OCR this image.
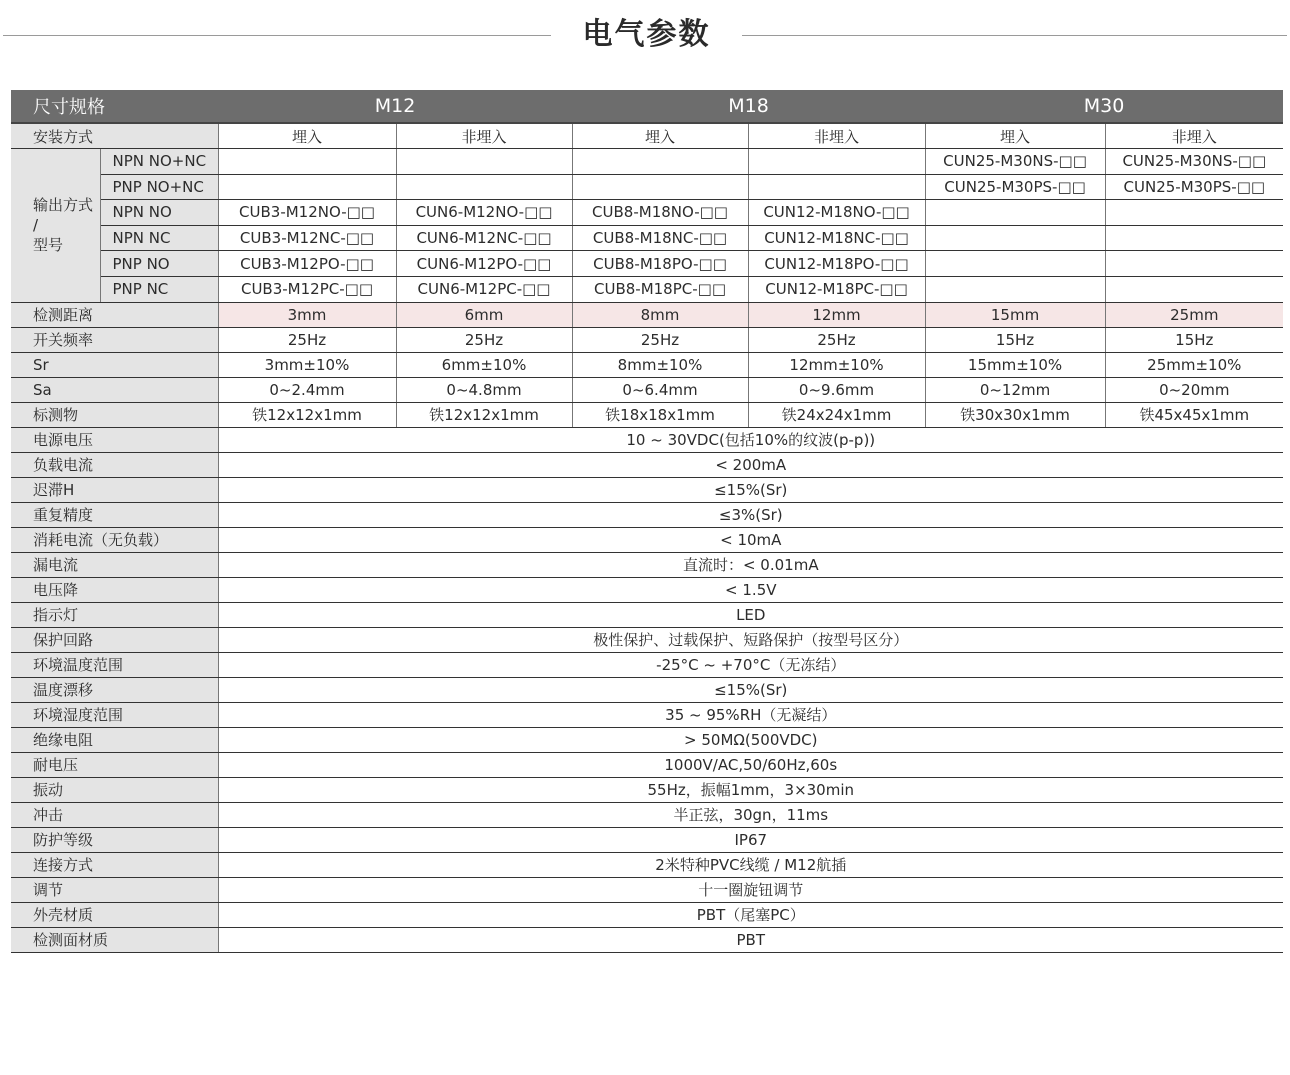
电气参数
尺寸规格		M12		M18		M30	
安装方式		埋入	非埋入	埋入	非埋入	埋入	非埋入

输出方式
/
型号	NPN NO+NC					CUN25-M30NS-□□	CUN25-M30NS-□□
	PNP NO+NC					CUN25-M30PS-□□	CUN25-M30PS-□□
	NPN NO	CUB3-M12NO-□□	CUN6-M12NO-□□	CUB8-M18NO-□□	CUN12-M18NO-□□		
	NPN NC	CUB3-M12NC-□□	CUN6-M12NC-□□	CUB8-M18NC-□□	CUN12-M18NC-□□		
	PNP NO	CUB3-M12PO-□□	CUN6-M12PO-□□	CUB8-M18PO-□□	CUN12-M18PO-□□		
	PNP NC	CUB3-M12PC-□□	CUN6-M12PC-□□	CUB8-M18PC-□□	CUN12-M18PC-□□		
检测距离		3mm	6mm	8mm	12mm	15mm	25mm
开关频率		25Hz	25Hz	25Hz	25Hz	15Hz	15Hz
Sr		3mm±10%	6mm±10%	8mm±10%	12mm±10%	15mm±10%	25mm±10%
Sa		0~2.4mm	0~4.8mm	0~6.4mm	0~9.6mm	0~12mm	0~20mm
标测物		铁12x12x1mm	铁12x12x1mm	铁18x18x1mm	铁24x24x1mm	铁30x30x1mm	铁45x45x1mm
电源电压		10 ~ 30VDC(包括10%的纹波(p-p))					
负载电流		< 200mA					
迟滞H		≤15%(Sr)					
重复精度		≤3%(Sr)					
消耗电流（无负载）		< 10mA					
漏电流		直流时：< 0.01mA					
电压降		< 1.5V					
指示灯		LED					
保护回路		极性保护、过载保护、短路保护（按型号区分）					
环境温度范围		-25°C ~ +70°C（无冻结）					
温度漂移		≤15%(Sr)					
环境湿度范围		35 ~ 95%RH（无凝结）					
绝缘电阻		> 50MΩ(500VDC)					
耐电压		1000V/AC,50/60Hz,60s					
振动		55Hz，振幅1mm，3×30min					
冲击		半正弦，30gn，11ms					
防护等级		IP67					
连接方式		2米特种PVC线缆 / M12航插					
调节		十一圈旋钮调节					
外壳材质		PBT（尾塞PC）					
检测面材质		PBT					
